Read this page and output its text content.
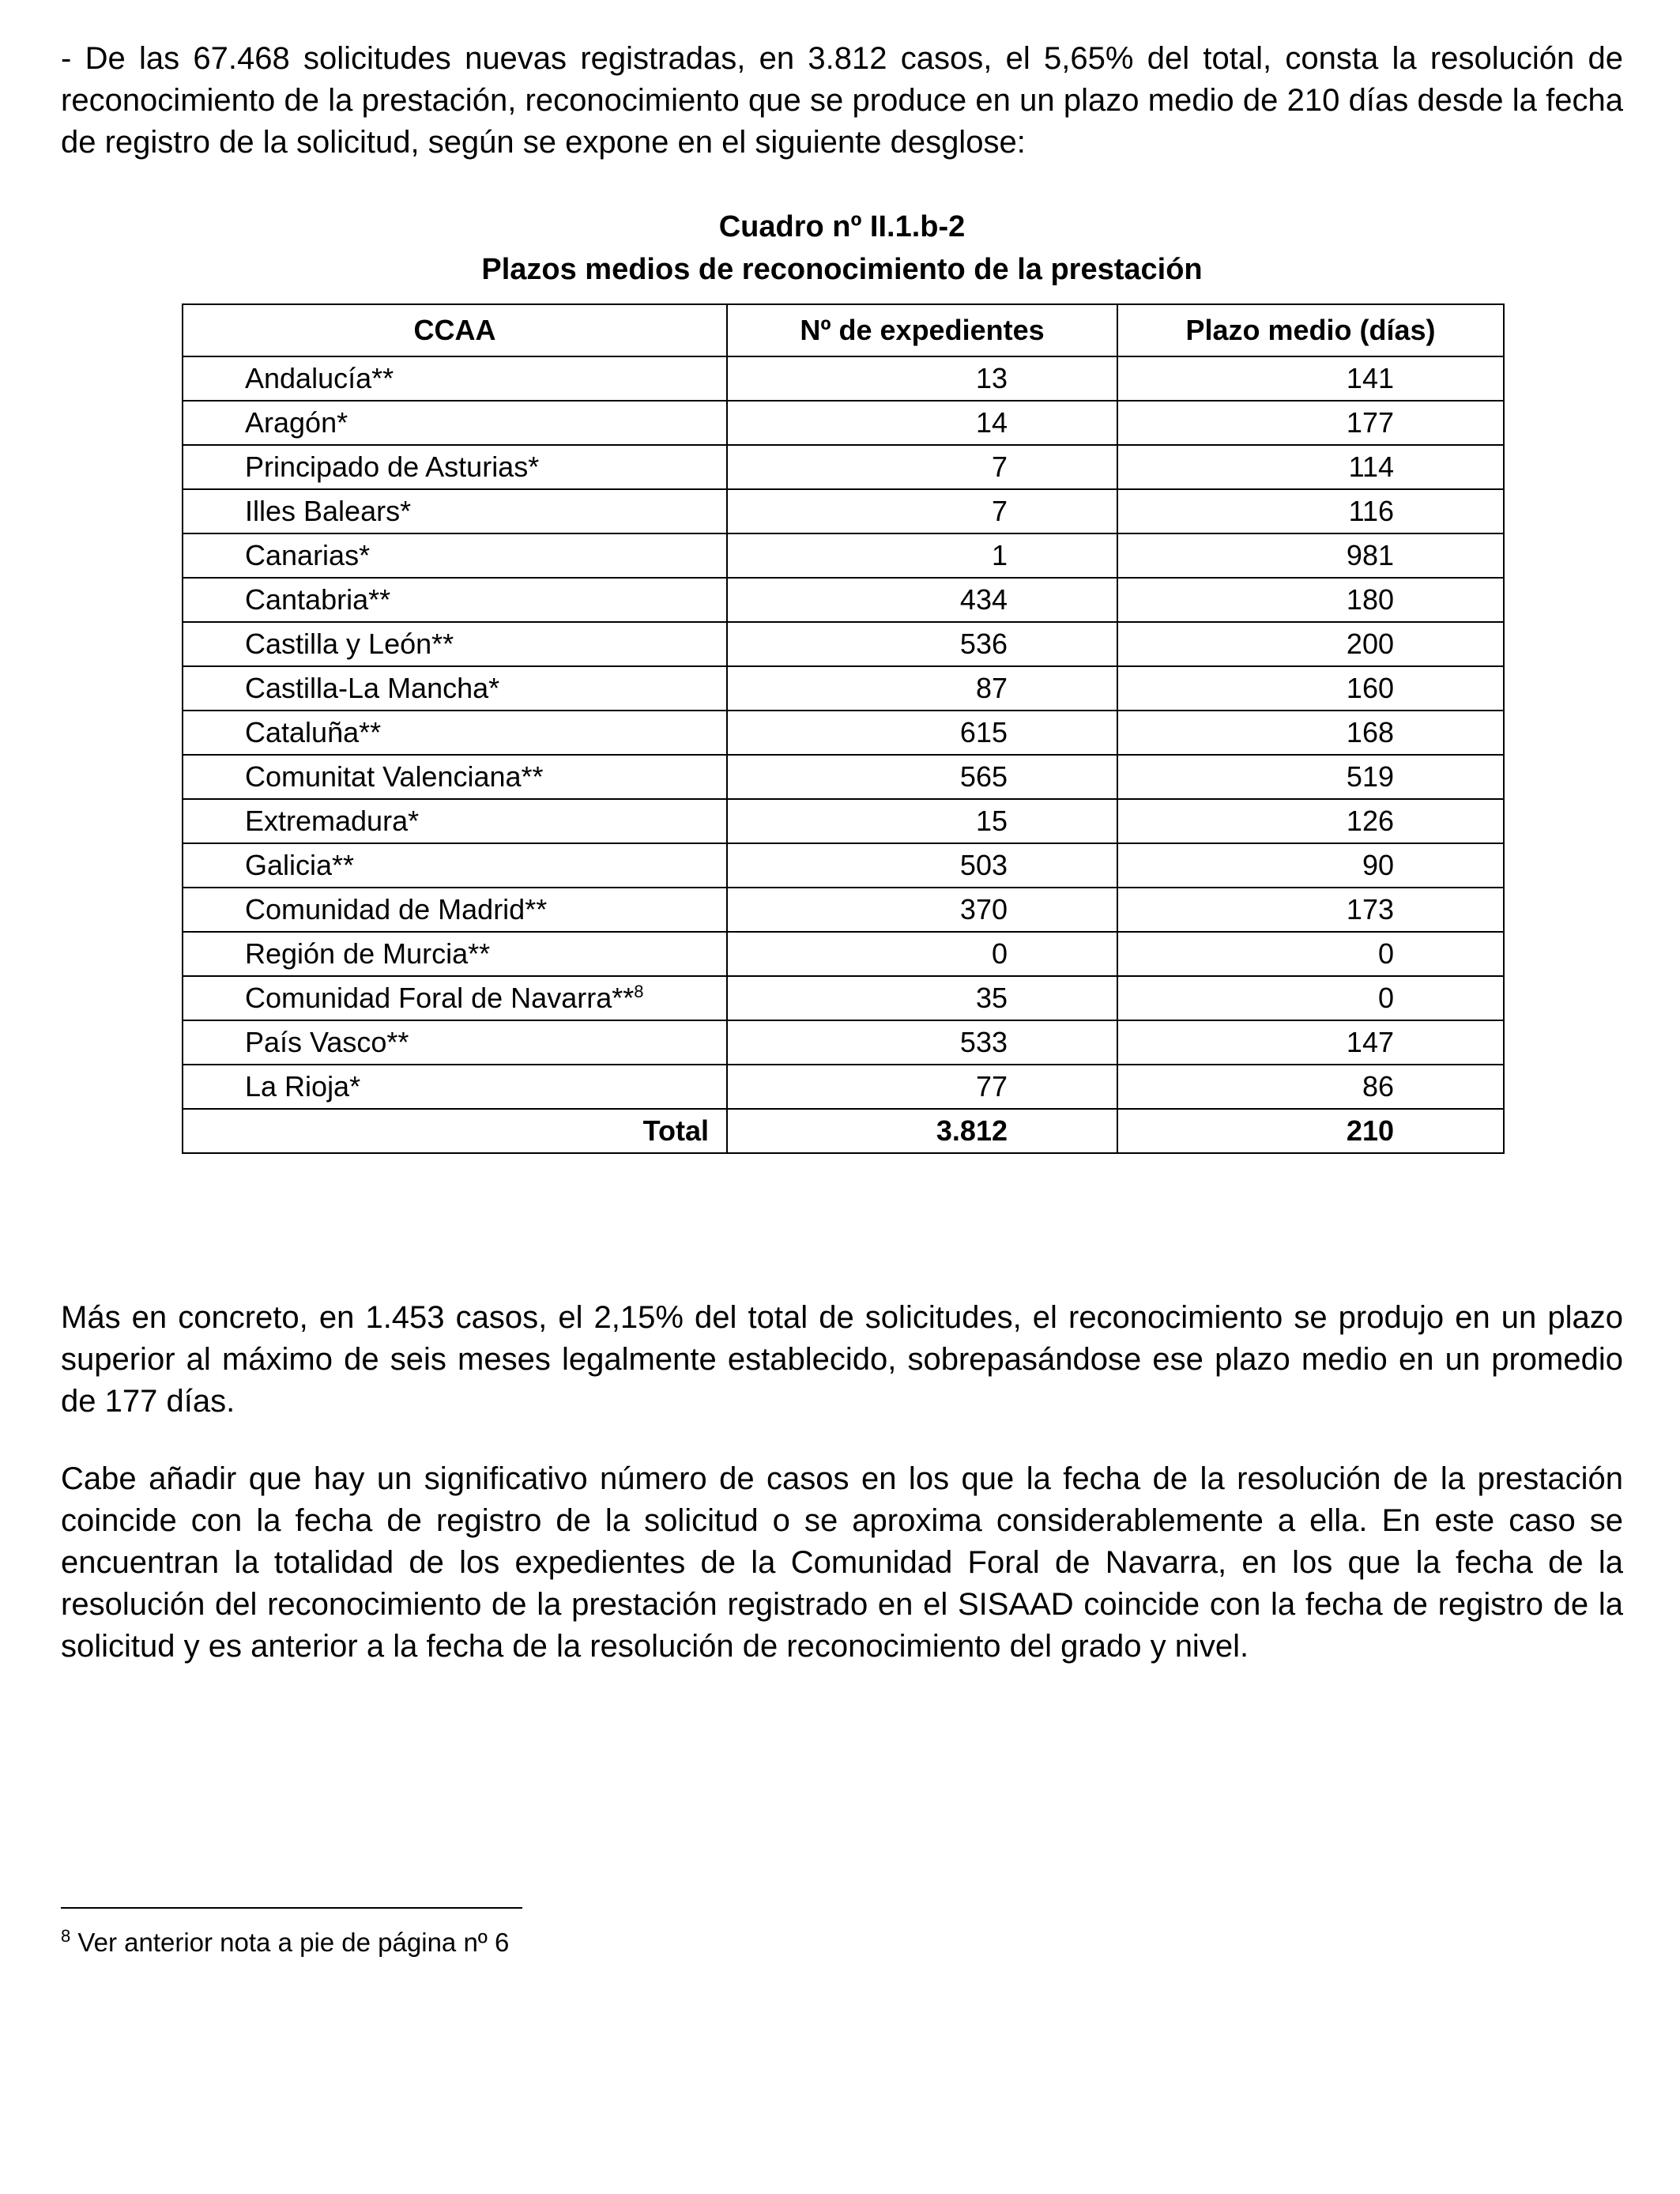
- De las 67.468 solicitudes nuevas registradas, en 3.812 casos, el 5,65% del total, consta la resolución de reconocimiento de la prestación, reconocimiento que se produce en un plazo medio de 210 días desde la fecha de registro de la solicitud, según se expone en el siguiente desglose:

Cuadro nº II.1.b-2
Plazos medios de reconocimiento de la prestación
CCAA	Nº de expedientes	Plazo medio (días)
Andalucía**	13	141
Aragón*	14	177
Principado de Asturias*	7	114
Illes Balears*	7	116
Canarias*	1	981
Cantabria**	434	180
Castilla y León**	536	200
Castilla-La Mancha*	87	160
Cataluña**	615	168
Comunitat Valenciana**	565	519
Extremadura*	15	126
Galicia**	503	90
Comunidad de Madrid**	370	173
Región de Murcia**	0	0
Comunidad Foral de Navarra**$^8$	35	0
País Vasco**	533	147
La Rioja*	77	86
Total	3.812	210

Más en concreto, en 1.453 casos, el 2,15% del total de solicitudes, el reconocimiento se produjo en un plazo superior al máximo de seis meses legalmente establecido, sobrepasándose ese plazo medio en un promedio de 177 días.

Cabe añadir que hay un significativo número de casos en los que la fecha de la resolución de la prestación coincide con la fecha de registro de la solicitud o se aproxima considerablemente a ella. En este caso se encuentran la totalidad de los expedientes de la Comunidad Foral de Navarra, en los que la fecha de la resolución del reconocimiento de la prestación registrado en el SISAAD coincide con la fecha de registro de la solicitud y es anterior a la fecha de la resolución de reconocimiento del grado y nivel.

$^8$ Ver anterior nota a pie de página nº 6
